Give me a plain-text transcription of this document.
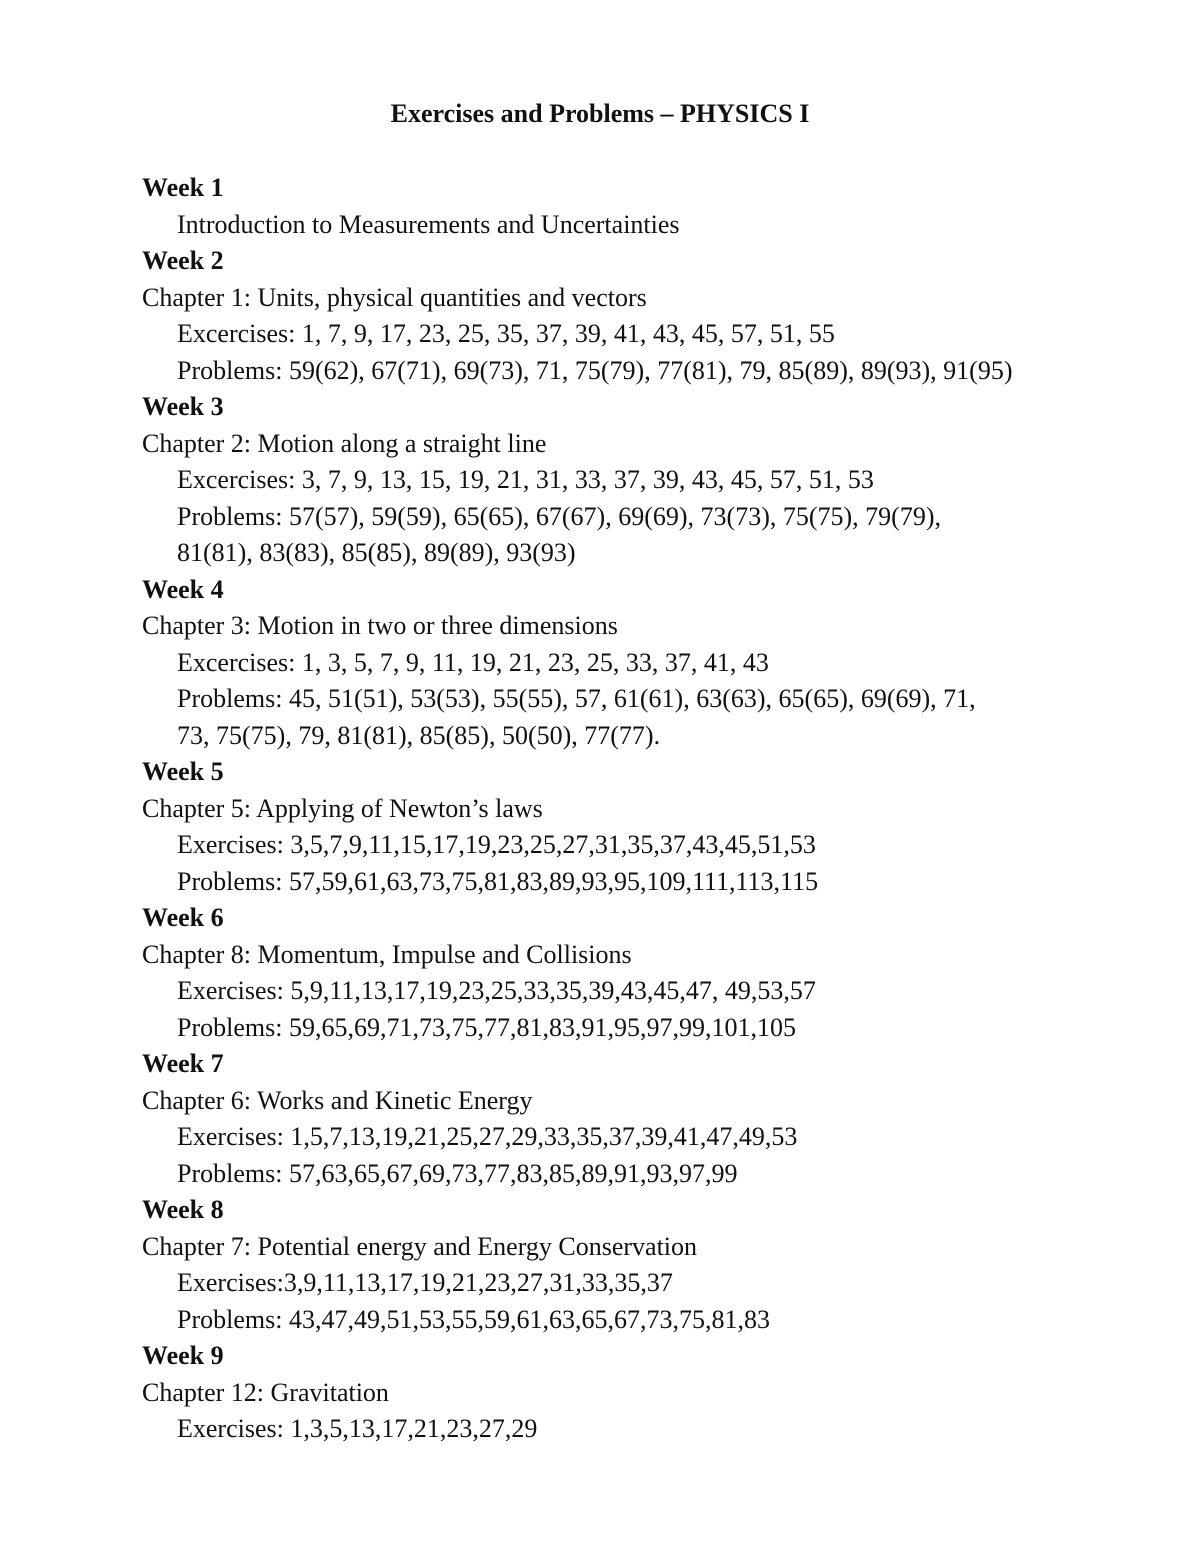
Exercises and Problems – PHYSICS I
Week 1
Introduction to Measurements and Uncertainties
Week 2
Chapter 1: Units, physical quantities and vectors
Excercises: 1, 7, 9, 17, 23, 25, 35, 37, 39, 41, 43, 45, 57, 51, 55
Problems: 59(62), 67(71), 69(73), 71, 75(79), 77(81), 79, 85(89), 89(93), 91(95)
Week 3
Chapter 2: Motion along a straight line
Excercises: 3, 7, 9, 13, 15, 19, 21, 31, 33, 37, 39, 43, 45, 57, 51, 53
Problems: 57(57), 59(59), 65(65), 67(67), 69(69), 73(73), 75(75), 79(79),
81(81), 83(83), 85(85), 89(89), 93(93)
Week 4
Chapter 3: Motion in two or three dimensions
Excercises: 1, 3, 5, 7, 9, 11, 19, 21, 23, 25, 33, 37, 41, 43
Problems: 45, 51(51), 53(53), 55(55), 57, 61(61), 63(63), 65(65), 69(69), 71,
73, 75(75), 79, 81(81), 85(85), 50(50), 77(77).
Week 5
Chapter 5: Applying of Newton’s laws
Exercises: 3,5,7,9,11,15,17,19,23,25,27,31,35,37,43,45,51,53
Problems: 57,59,61,63,73,75,81,83,89,93,95,109,111,113,115
Week 6
Chapter 8: Momentum, Impulse and Collisions
Exercises: 5,9,11,13,17,19,23,25,33,35,39,43,45,47, 49,53,57
Problems: 59,65,69,71,73,75,77,81,83,91,95,97,99,101,105
Week 7
Chapter 6: Works and Kinetic Energy
Exercises: 1,5,7,13,19,21,25,27,29,33,35,37,39,41,47,49,53
Problems: 57,63,65,67,69,73,77,83,85,89,91,93,97,99
Week 8
Chapter 7: Potential energy and Energy Conservation
Exercises:3,9,11,13,17,19,21,23,27,31,33,35,37
Problems: 43,47,49,51,53,55,59,61,63,65,67,73,75,81,83
Week 9
Chapter 12: Gravitation
Exercises: 1,3,5,13,17,21,23,27,29
